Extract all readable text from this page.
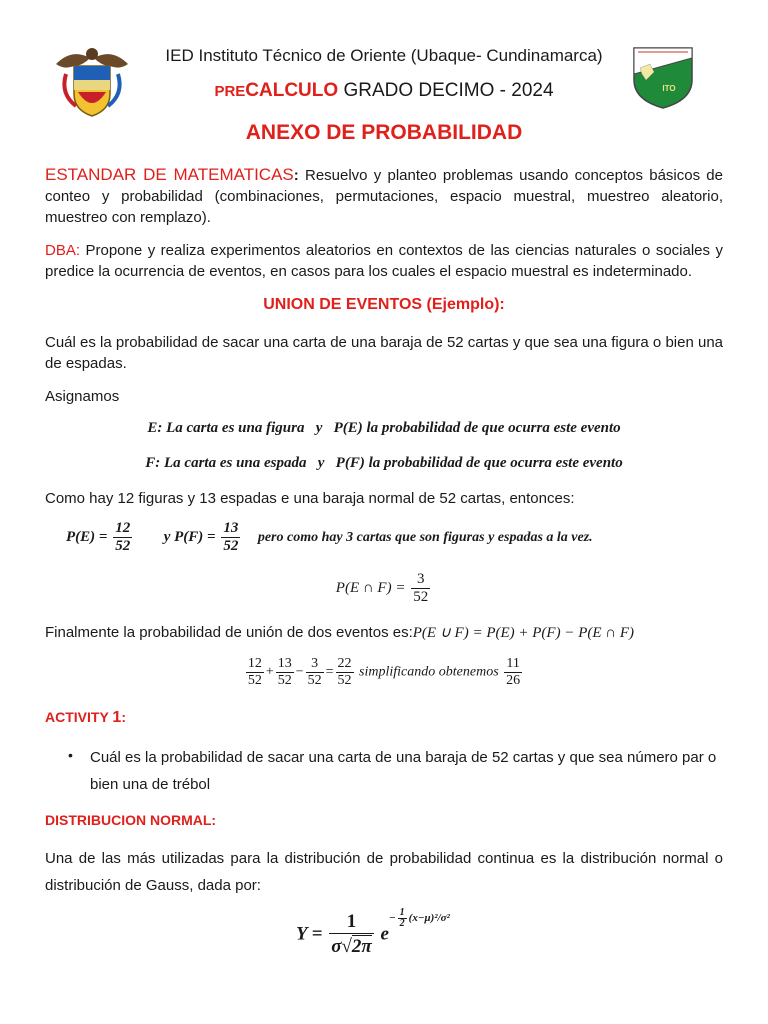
ITO
IED Instituto Técnico de Oriente (Ubaque- Cundinamarca)
PRECALCULO GRADO DECIMO - 2024
ANEXO DE PROBABILIDAD
ESTANDAR DE MATEMATICAS: Resuelvo y planteo problemas usando conceptos básicos de conteo y probabilidad (combinaciones, permutaciones, espacio muestral, muestreo aleatorio, muestreo con remplazo).
DBA: Propone y realiza experimentos aleatorios en contextos de las ciencias naturales o sociales y predice la ocurrencia de eventos, en casos para los cuales el espacio muestral es indeterminado.
UNION DE EVENTOS (Ejemplo):
Cuál es la probabilidad de sacar una carta de una baraja de 52 cartas y que sea una figura o bien una de espadas.
Asignamos
E: La carta es una figura   y   P(E) la probabilidad de que ocurra este evento
F: La carta es una espada   y   P(F) la probabilidad de que ocurra este evento
Como hay 12 figuras y 13 espadas e una baraja normal de 52 cartas, entonces:
$P(E) = \frac{12}{52}$ y $P(F) = \frac{13}{52}$ pero como hay 3 cartas que son figuras y espadas a la vez.
P(E ∩ $F) = \frac{3}{52}$
Finalmente la probabilidad de unión de dos eventos es:P(E ∪ F) = P(E) + P(F) − P(E ∩ F)
$\frac{12}{52} + \frac{13}{52} - \frac{3}{52} = \frac{22}{52}$ simplificando obtenemos $\frac{11}{26}$
ACTIVITY 1:
• Cuál es la probabilidad de sacar una carta de una baraja de 52 cartas y que sea número par o bien una de trébol
DISTRIBUCION NORMAL:
Una de las más utilizadas para la distribución de probabilidad continua es la distribución normal o distribución de Gauss, dada por:
$Y = \frac{1}{\sigma√2\pi} e^{- \frac{1}{2} (x-\mu)^2/\sigma^2}$
